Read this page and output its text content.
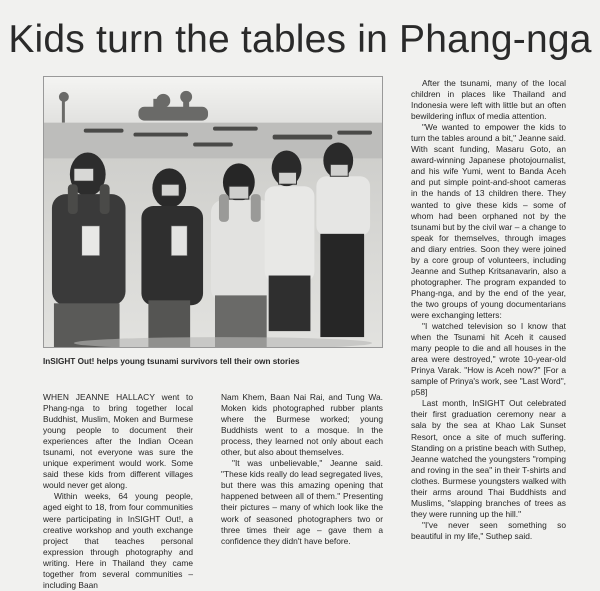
Kids turn the tables in Phang-nga
InSIGHT Out! helps young tsunami survivors tell their own stories

WHEN JEANNE HALLACY went to Phang-nga to bring together local Buddhist, Muslim, Moken and Burmese young people to document their experiences after the Indian Ocean tsunami, not everyone was sure the unique experiment would work. Some said these kids from different villages would never get along.

Within weeks, 64 young people, aged eight to 18, from four communities were participating in InSIGHT Out!, a creative workshop and youth exchange project that teaches personal expression through photography and writing. Here in Thailand they came together from several communities – including Baan

Nam Khem, Baan Nai Rai, and Tung Wa. Moken kids photographed rubber plants where the Burmese worked; young Buddhists went to a mosque. In the process, they learned not only about each other, but also about themselves.

"It was unbelievable," Jeanne said. "These kids really do lead segregated lives, but there was this amazing opening that happened between all of them." Presenting their pictures – many of which look like the work of seasoned photographers two or three times their age – gave them a confidence they didn't have before.

After the tsunami, many of the local children in places like Thailand and Indonesia were left with little but an often bewildering influx of media attention.

"We wanted to empower the kids to turn the tables around a bit," Jeanne said. With scant funding, Masaru Goto, an award-winning Japanese photojournalist, and his wife Yumi, went to Banda Aceh and put simple point-and-shoot cameras in the hands of 13 children there. They wanted to give these kids – some of whom had been orphaned not by the tsunami but by the civil war – a change to speak for themselves, through images and diary entries. Soon they were joined by a core group of volunteers, including Jeanne and Suthep Kritsanavarin, also a photographer. The program expanded to Phang-nga, and by the end of the year, the two groups of young documentarians were exchanging letters:

"I watched television so I know that when the Tsunami hit Aceh it caused many people to die and all houses in the area were destroyed," wrote 10-year-old Prinya Varak. "How is Aceh now?" [For a sample of Prinya's work, see "Last Word", p58]

Last month, InSIGHT Out celebrated their first graduation ceremony near a sala by the sea at Khao Lak Sunset Resort, once a site of much suffering. Standing on a pristine beach with Suthep, Jeanne watched the youngsters "romping and roving in the sea" in their T-shirts and clothes. Burmese youngsters walked with their arms around Thai Buddhists and Muslims, "slapping branches of trees as they were running up the hill."

"I've never seen something so beautiful in my life," Suthep said.
